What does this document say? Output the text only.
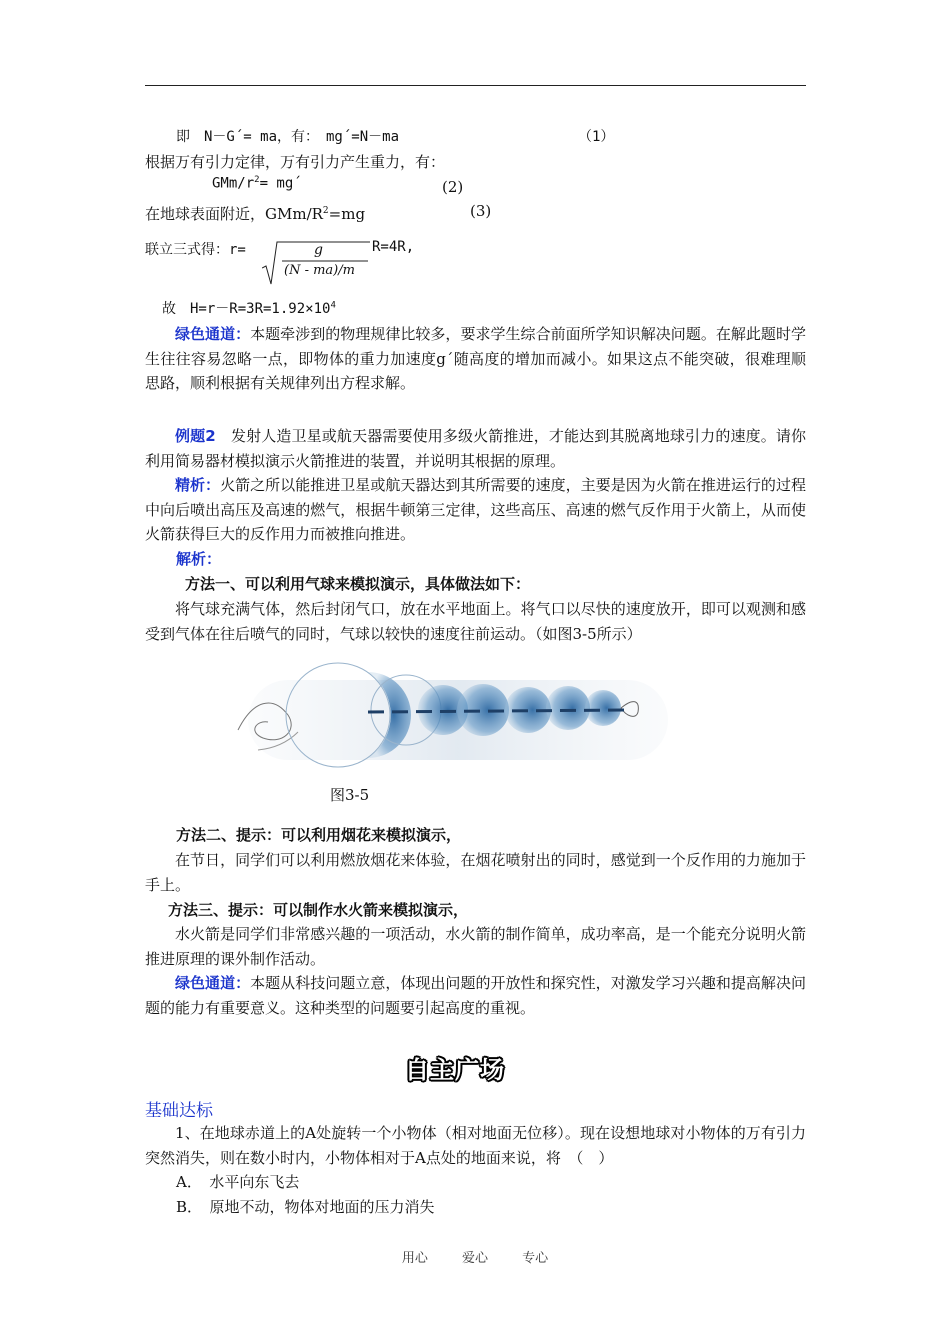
即　N－G´= ma，有：　mg´=N－ma	（1）
根据万有引力定律，万有引力产生重力，有：
GMm/$r^2=$ mg´	(2)
在地球表面附近，GMm/$R^2=mg$	(3)
联立三式得：r=	g
(N - ma)/m
R=4R,
故　$H=r-R=3R=1.92\times 10^4$
绿色通道：本题牵涉到的物理规律比较多，要求学生综合前面所学知识解决问题。在解此题时学生往往容易忽略一点，即物体的重力加速度g´随高度的增加而减小。如果这点不能突破，很难理顺思路，顺利根据有关规律列出方程求解。
例题2　发射人造卫星或航天器需要使用多级火箭推进，才能达到其脱离地球引力的速度。请你利用简易器材模拟演示火箭推进的装置，并说明其根据的原理。
精析：火箭之所以能推进卫星或航天器达到其所需要的速度，主要是因为火箭在推进运行的过程中向后喷出高压及高速的燃气，根据牛顿第三定律，这些高压、高速的燃气反作用于火箭上，从而使火箭获得巨大的反作用力而被推向推进。
解析：
方法一、可以利用气球来模拟演示，具体做法如下：
将气球充满气体，然后封闭气口，放在水平地面上。将气口以尽快的速度放开，即可以观测和感受到气体在往后喷气的同时，气球以较快的速度往前运动。（如图3-5所示）
图3-5
方法二、提示：可以利用烟花来模拟演示，
在节日，同学们可以利用燃放烟花来体验，在烟花喷射出的同时，感觉到一个反作用的力施加于手上。
方法三、提示：可以制作水火箭来模拟演示，
水火箭是同学们非常感兴趣的一项活动，水火箭的制作简单，成功率高，是一个能充分说明火箭推进原理的课外制作活动。
绿色通道：本题从科技问题立意，体现出问题的开放性和探究性，对激发学习兴趣和提高解决问题的能力有重要意义。这种类型的问题要引起高度的重视。
自主广场
基础达标
1、在地球赤道上的A处旋转一个小物体（相对地面无位移）。现在设想地球对小物体的万有引力突然消失，则在数小时内，小物体相对于A点处的地面来说，将　（　）
A．　水平向东飞去
B．　原地不动，物体对地面的压力消失
用心 爱心 专心
